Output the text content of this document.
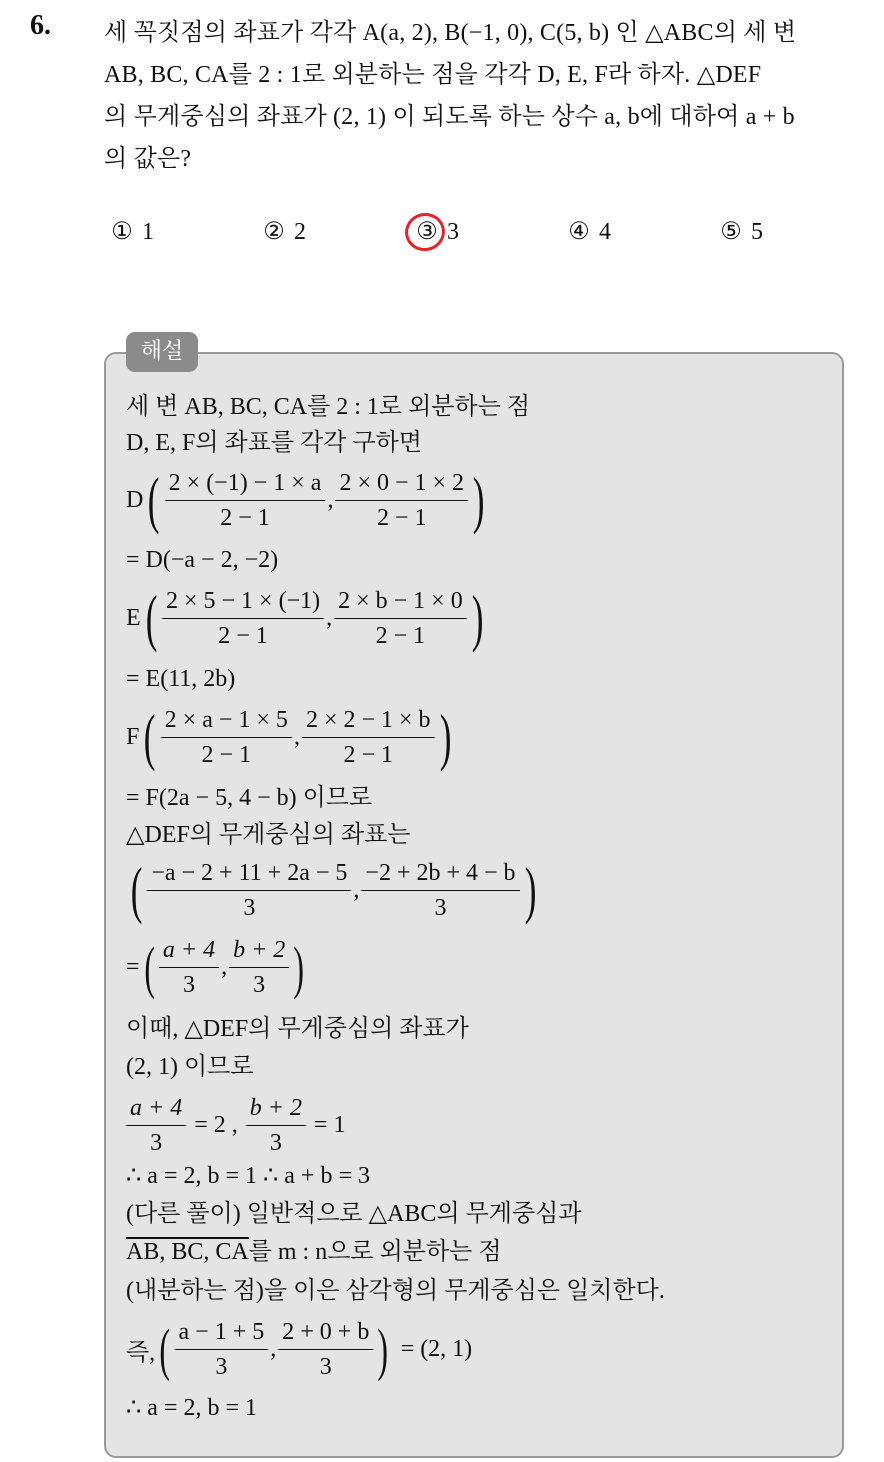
6. 세 꼭짓점의 좌표가 각각 A(a, 2), B(−1, 0), C(5, b) 인 △ABC의 세 변
AB, BC, CA를 2 : 1로 외분하는 점을 각각 D, E, F라 하자. △DEF
의 무게중심의 좌표가 (2, 1) 이 되도록 하는 상수 a, b에 대하여 a + b
의 값은?
① 1	② 2	③ 3	④ 4	⑤ 5
해설
세 변 AB, BC, CA를 2 : 1로 외분하는 점
D, E, F의 좌표를 각각 구하면
D ( $\frac{2 \times (-1) - 1 \times a}{2 - 1}$ , $\frac{2 \times 0 - 1 \times 2}{2 - 1}$ )
= D(−a − 2, −2)
E ( $\frac{2 \times 5 - 1 \times (-1)}{2 - 1}$ , $\frac{2 \times b - 1 \times 0}{2 - 1}$ )
= E(11, 2b)
F ( $\frac{2 \times a - 1 \times 5}{2 - 1}$ , $\frac{2 \times 2 - 1 \times b}{2 - 1}$ )
= F(2a − 5, 4 − b) 이므로
△DEF의 무게중심의 좌표는
( $\frac{-a - 2 + 11 + 2a - 5}{3}$ , $\frac{-2 + 2b + 4 - b}{3}$ )
= ( $\frac{a + 4}{3}$ , $\frac{b + 2}{3}$ )
이때, △DEF의 무게중심의 좌표가
(2, 1) 이므로
$\frac{a + 4}{3} = 2$ , $\frac{b + 2}{3} = 1$
∴ a = 2, b = 1 ∴ a + b = 3
(다른 풀이) 일반적으로 △ABC의 무게중심과
AB, BC, CA를 m : n으로 외분하는 점
(내분하는 점)을 이은 삼각형의 무게중심은 일치한다.
즉, ( $\frac{a - 1 + 5}{3}$ , $\frac{2 + 0 + b}{3}$ ) = (2, 1)
∴ a = 2, b = 1
